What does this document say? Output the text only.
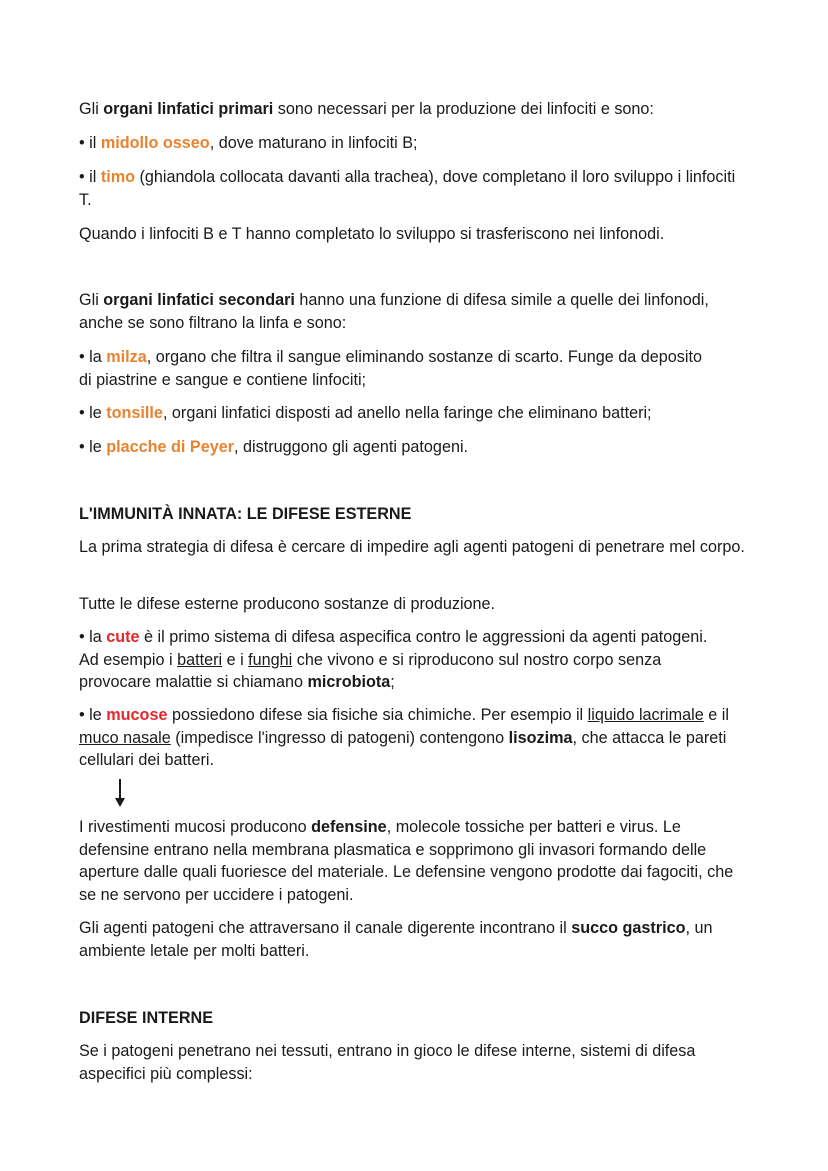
Gli organi linfatici primari sono necessari per la produzione dei linfociti e sono:

• il midollo osseo, dove maturano in linfociti B;

• il timo (ghiandola collocata davanti alla trachea), dove completano il loro sviluppo i linfociti T.

Quando i linfociti B e T hanno completato lo sviluppo si trasferiscono nei linfonodi.

Gli organi linfatici secondari hanno una funzione di difesa simile a quelle dei linfonodi, anche se sono filtrano la linfa e sono:

• la milza, organo che filtra il sangue eliminando sostanze di scarto. Funge da deposito di piastrine e sangue e contiene linfociti;

• le tonsille, organi linfatici disposti ad anello nella faringe che eliminano batteri;

• le placche di Peyer, distruggono gli agenti patogeni.

L'IMMUNITÀ INNATA: LE DIFESE ESTERNE

La prima strategia di difesa è cercare di impedire agli agenti patogeni di penetrare mel corpo.

Tutte le difese esterne producono sostanze di produzione.

• la cute è il primo sistema di difesa aspecifica contro le aggressioni da agenti patogeni. Ad esempio i batteri e i funghi che vivono e si riproducono sul nostro corpo senza provocare malattie si chiamano microbiota;

• le mucose possiedono difese sia fisiche sia chimiche. Per esempio il liquido lacrimale e il muco nasale (impedisce l'ingresso di patogeni) contengono lisozima, che attacca le pareti cellulari dei batteri.

I rivestimenti mucosi producono defensine, molecole tossiche per batteri e virus. Le defensine entrano nella membrana plasmatica e sopprimono gli invasori formando delle aperture dalle quali fuoriesce del materiale. Le defensine vengono prodotte dai fagociti, che se ne servono per uccidere i patogeni.

Gli agenti patogeni che attraversano il canale digerente incontrano il succo gastrico, un ambiente letale per molti batteri.

DIFESE INTERNE

Se i patogeni penetrano nei tessuti, entrano in gioco le difese interne, sistemi di difesa aspecifici più complessi:
